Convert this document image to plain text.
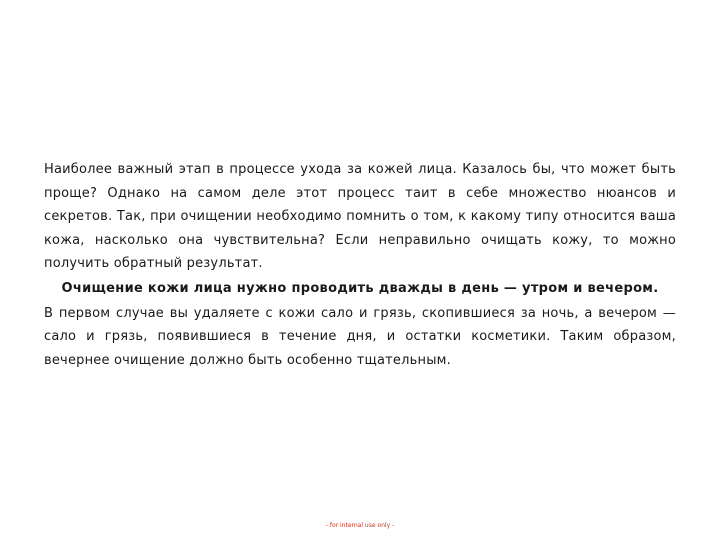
Наиболее важный этап в процессе ухода за кожей лица. Казалось бы, что может быть проще? Однако на самом деле этот процесс таит в себе множество нюансов и секретов. Так, при очищении необходимо помнить о том, к какому типу относится ваша кожа, насколько она чувствительна? Если неправильно очищать кожу, то можно получить обратный результат.

Очищение кожи лица нужно проводить дважды в день — утром и вечером.

В первом случае вы удаляете с кожи сало и грязь, скопившиеся за ночь, а вечером — сало и грязь, появившиеся в течение дня, и остатки косметики. Таким образом, вечернее очищение должно быть особенно тщательным.

- for internal use only -
